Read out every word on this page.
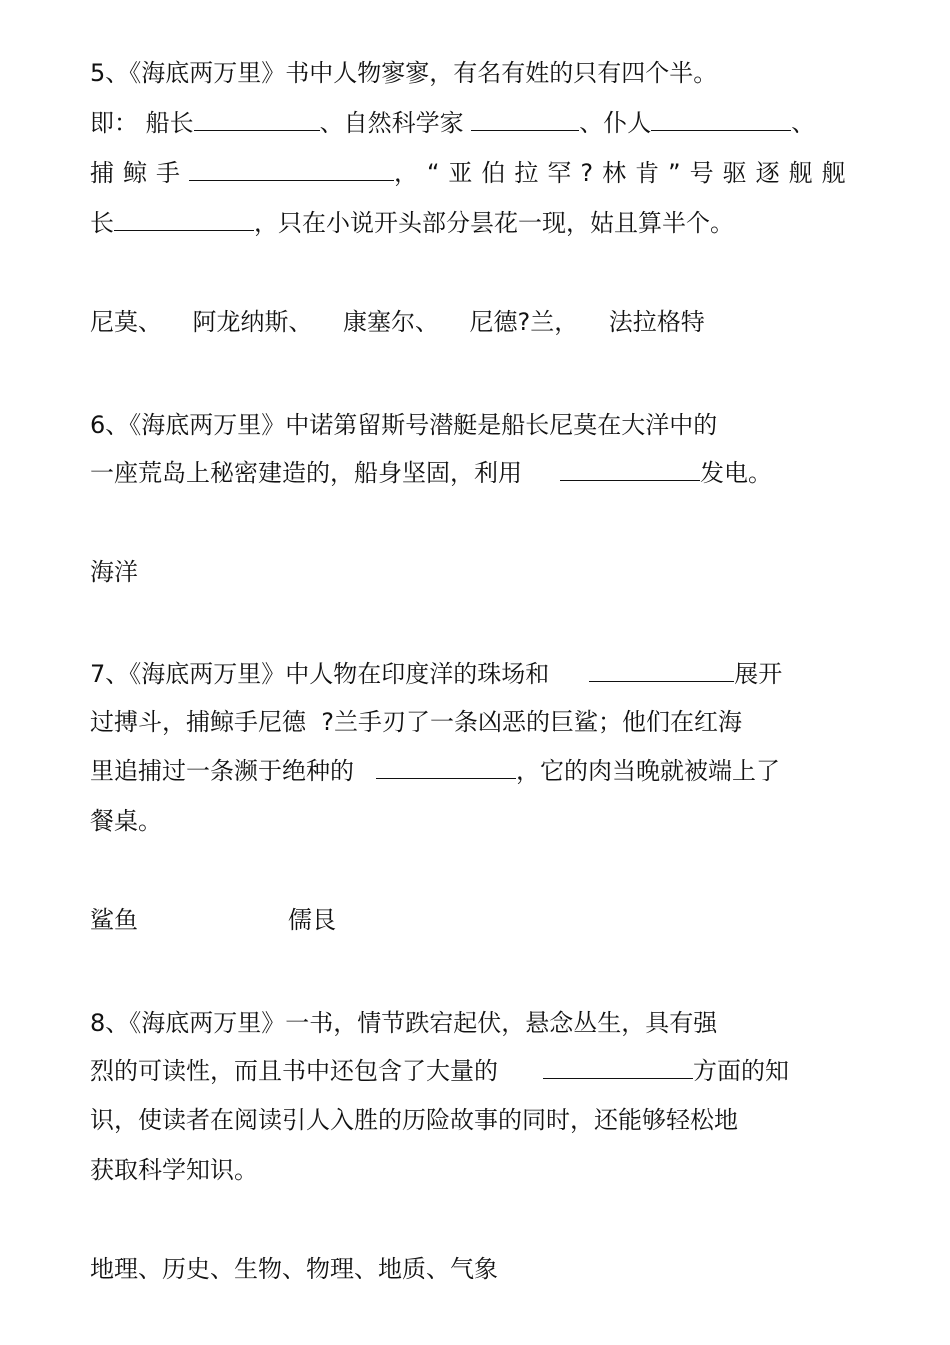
5、《海底两万里》书中人物寥寥，有名有姓的只有四个半。
即： 船长	、自然科学家	、仆人	、
捕鲸手	，“亚伯拉罕?林肯”号驱逐舰舰
长	，只在小说开头部分昙花一现，姑且算半个。
尼莫、    阿龙纳斯、    康塞尔、    尼德?兰，    法拉格特
6、《海底两万里》中诺第留斯号潜艇是船长尼莫在大洋中的
一座荒岛上秘密建造的，船身坚固，利用	发电。
海洋
7、《海底两万里》中人物在印度洋的珠场和	展开
过搏斗，捕鲸手尼德  ?兰手刃了一条凶恶的巨鲨；他们在红海
里追捕过一条濒于绝种的	，它的肉当晚就被端上了
餐桌。
鲨鱼	儒艮
8、《海底两万里》一书，情节跌宕起伏，悬念丛生，具有强
烈的可读性，而且书中还包含了大量的	方面的知
识，使读者在阅读引人入胜的历险故事的同时，还能够轻松地
获取科学知识。
地理、历史、生物、物理、地质、气象
